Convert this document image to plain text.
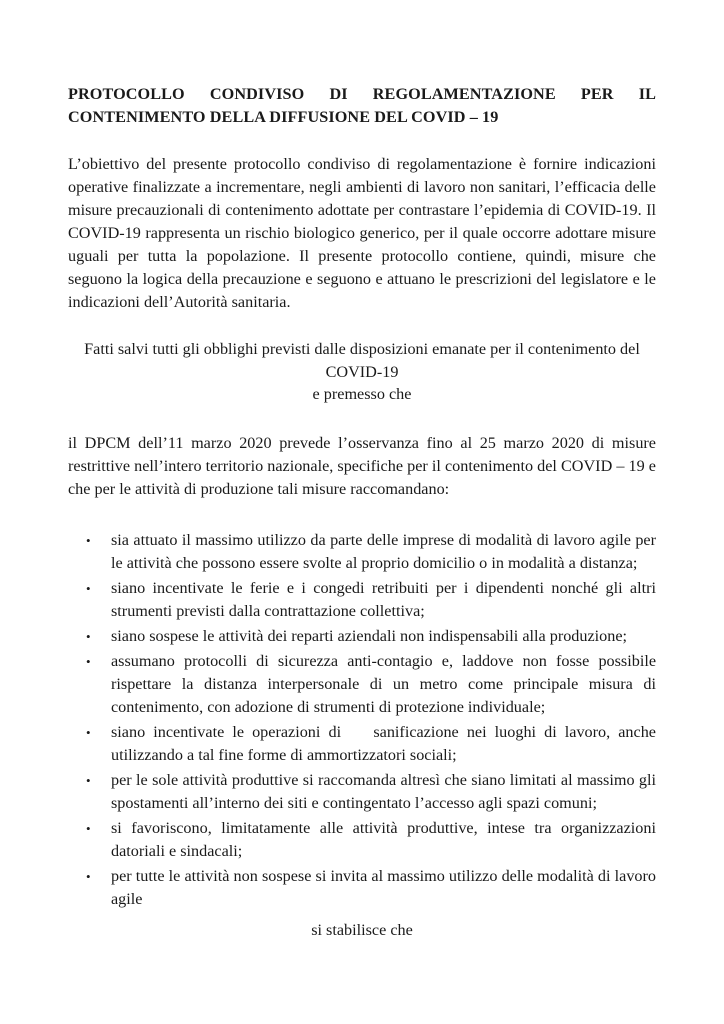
PROTOCOLLO CONDIVISO DI REGOLAMENTAZIONE PER IL
CONTENIMENTO DELLA DIFFUSIONE DEL COVID – 19

L’obiettivo del presente protocollo condiviso di regolamentazione è fornire indicazioni operative finalizzate a incrementare, negli ambienti di lavoro non sanitari, l’efficacia delle misure precauzionali di contenimento adottate per contrastare l’epidemia di COVID-19. Il COVID-19 rappresenta un rischio biologico generico, per il quale occorre adottare misure uguali per tutta la popolazione. Il presente protocollo contiene, quindi, misure che seguono la logica della precauzione e seguono e attuano le prescrizioni del legislatore e le indicazioni dell’Autorità sanitaria.

Fatti salvi tutti gli obblighi previsti dalle disposizioni emanate per il contenimento del
COVID-19
e premesso che

il DPCM dell’11 marzo 2020 prevede l’osservanza fino al 25 marzo 2020 di misure restrittive nell’intero territorio nazionale, specifiche per il contenimento del COVID – 19 e che per le attività di produzione tali misure raccomandano:

• sia attuato il massimo utilizzo da parte delle imprese di modalità di lavoro agile per le attività che possono essere svolte al proprio domicilio o in modalità a distanza;
• siano incentivate le ferie e i congedi retribuiti per i dipendenti nonché gli altri strumenti previsti dalla contrattazione collettiva;
• siano sospese le attività dei reparti aziendali non indispensabili alla produzione;
• assumano protocolli di sicurezza anti-contagio e, laddove non fosse possibile rispettare la distanza interpersonale di un metro come principale misura di contenimento, con adozione di strumenti di protezione individuale;
• siano incentivate le operazioni di    sanificazione nei luoghi di lavoro, anche utilizzando a tal fine forme di ammortizzatori sociali;
• per le sole attività produttive si raccomanda altresì che siano limitati al massimo gli spostamenti all’interno dei siti e contingentato l’accesso agli spazi comuni;
• si favoriscono, limitatamente alle attività produttive, intese tra organizzazioni datoriali e sindacali;
• per tutte le attività non sospese si invita al massimo utilizzo delle modalità di lavoro agile
si stabilisce che
